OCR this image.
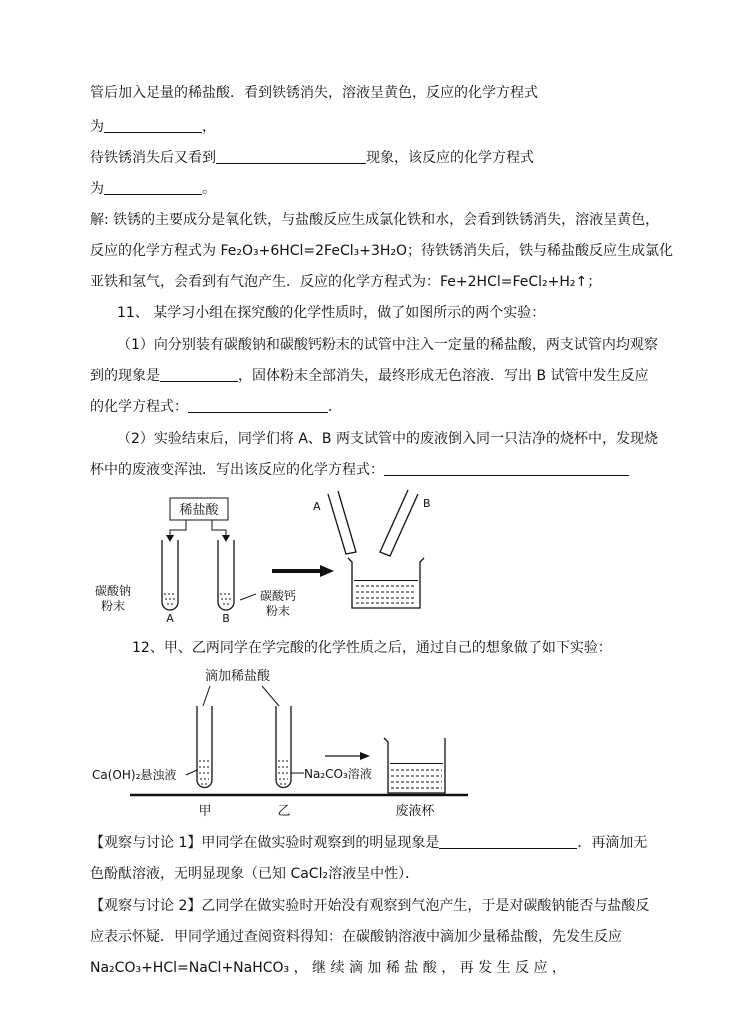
管后加入足量的稀盐酸．看到铁锈消失，溶液呈黄色，反应的化学方程式
为	，
待铁锈消失后又看到	现象，该反应的化学方程式
为	。
解: 铁锈的主要成分是氧化铁，与盐酸反应生成氯化铁和水，会看到铁锈消失，溶液呈黄色，
反应的化学方程式为 Fe₂O₃+6HCl=2FeCl₃+3H₂O；待铁锈消失后，铁与稀盐酸反应生成氯化
亚铁和氢气，会看到有气泡产生．反应的化学方程式为：Fe+2HCl=FeCl₂+H₂↑；
11、 某学习小组在探究酸的化学性质时，做了如图所示的两个实验：
（1）向分别装有碳酸钠和碳酸钙粉末的试管中注入一定量的稀盐酸，两支试管内均观察
到的现象是	，固体粉末全部消失，最终形成无色溶液．写出 B 试管中发生反应
的化学方程式：	．
（2）实验结束后，同学们将 A、B 两支试管中的废液倒入同一只洁净的烧杯中，发现烧
杯中的废液变浑浊．写出该反应的化学方程式：
稀盐酸
碳酸钠
粉末
A
碳酸钙
粉末
B
A	B
12、甲、乙两同学在学完酸的化学性质之后，通过自己的想象做了如下实验：
滴加稀盐酸
Ca(OH)₂悬浊液	Na₂CO₃溶液
甲	乙	废液杯
【观察与讨论 1】甲同学在做实验时观察到的明显现象是	．再滴加无
色酚酞溶液，无明显现象（已知 CaCl₂溶液呈中性）．
【观察与讨论 2】乙同学在做实验时开始没有观察到气泡产生，于是对碳酸钠能否与盐酸反
应表示怀疑．甲同学通过查阅资料得知：在碳酸钠溶液中滴加少量稀盐酸，先发生反应
Na₂CO₃+HCl=NaCl+NaHCO₃ ， 继 续 滴 加 稀 盐 酸 ， 再 发 生 反 应 ，
